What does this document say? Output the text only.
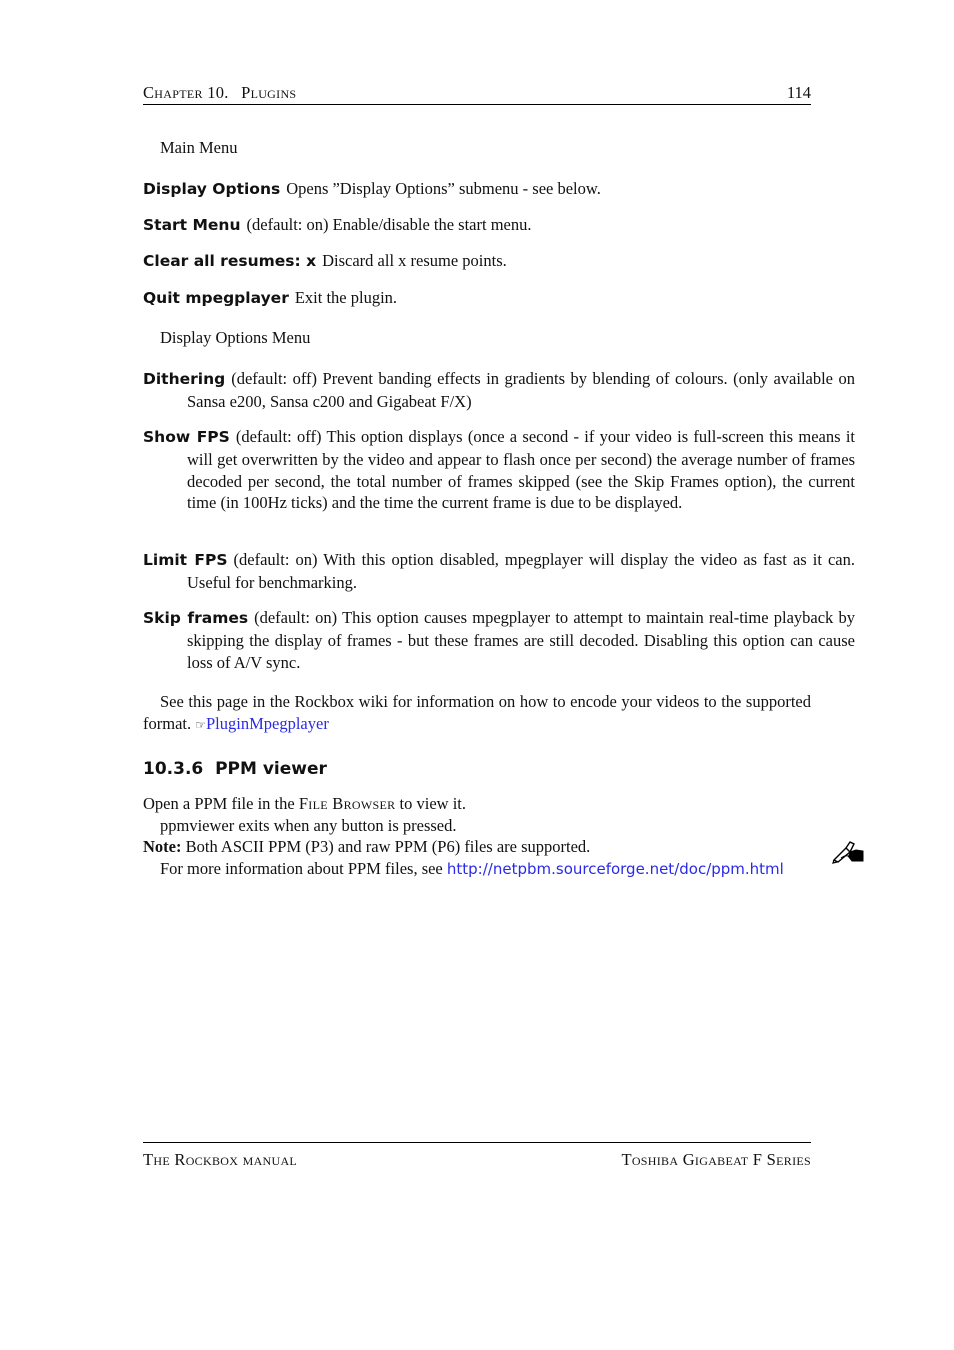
Chapter 10. Plugins	114
Main Menu
Display Options Opens ”Display Options” submenu - see below.
Start Menu (default: on) Enable/disable the start menu.
Clear all resumes: x Discard all x resume points.
Quit mpegplayer Exit the plugin.
Display Options Menu
Dithering (default: off) Prevent banding effects in gradients by blending of colours. (only available on Sansa e200, Sansa c200 and Gigabeat F/X)
Show FPS (default: off) This option displays (once a second - if your video is full-screen this means it will get overwritten by the video and appear to flash once per second) the average number of frames decoded per second, the total number of frames skipped (see the Skip Frames option), the current time (in 100Hz ticks) and the time the current frame is due to be displayed.
Limit FPS (default: on) With this option disabled, mpegplayer will display the video as fast as it can. Useful for benchmarking.
Skip frames (default: on) This option causes mpegplayer to attempt to maintain real-time playback by skipping the display of frames - but these frames are still decoded. Disabling this option can cause loss of A/V sync.
See this page in the Rockbox wiki for information on how to encode your videos to the supported format. ☞PluginMpegplayer
10.3.6 PPM viewer
Open a PPM file in the File Browser to view it.
ppmviewer exits when any button is pressed.
Note: Both ASCII PPM (P3) and raw PPM (P6) files are supported.
For more information about PPM files, see http://netpbm.sourceforge.net/doc/ppm.html
The Rockbox manual	Toshiba Gigabeat F Series
